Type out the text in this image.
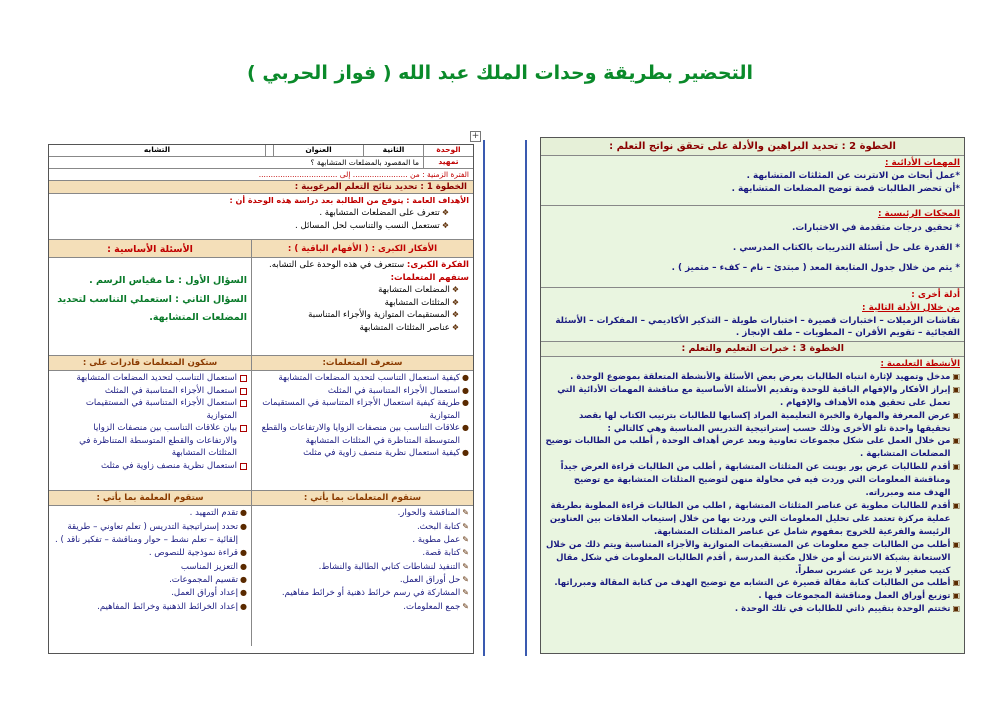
التحضير بطريقة وحدات الملك عبد الله ( فواز الحربي )
+
الوحدة
الثانية
العنوان
التشابه
تمهيد
ما المقصود بالمضلعات المتشابهة ؟
الفترة الزمنية : من ....................... إلى .................................
الخطوة 1 : تحديد نتائج التعلم المرغوبية :
الأهداف العامة : يتوقع من الطالبة بعد دراسة هذه الوحدة أن :
❖
تتعرف على المضلعات المتشابهة .
❖
تستعمل النسب والتناسب لحل المسائل .
الأفكار الكبرى : ( الأفهام الباقية ) :
الأسئلة الأساسية :
الفكرة الكبرى: ستتعرف في هذه الوحدة على التشابه.
ستفهم المتعلمات:
❖
المضلعات المتشابهة
❖
المثلثات المتشابهة
❖
المستقيمات المتوازية والأجزاء المتناسبة
❖
عناصر المثلثات المتشابهة
السؤال الأول : ما مقياس الرسم .
السؤال الثاني : استعملي التناسب لتحديد المضلعات المتشابهة.
ستعرف المتعلمات:
ستكون المتعلمات قادرات على :
●
كيفية استعمال التناسب لتحديد المضلعات المتشابهة
●
استعمال الأجزاء المتناسبة في المثلث
●
طريقة كيفية استعمال الأجزاء المتناسبة في المستقيمات المتوازية
●
علاقات التناسب بين منصفات الزوايا والارتفاعات والقطع المتوسطة المتناظرة في المثلثات المتشابهة
●
كيفية استعمال نظرية منصف زاوية في مثلث
استعمال التناسب لتحديد المضلعات المتشابهة
استعمال الأجزاء المتناسبة في المثلث
استعمال الأجزاء المتناسبة في المستقيمات المتوازية
بيان علاقات التناسب بين منصفات الزوايا والارتفاعات والقطع المتوسطة المتناظرة في المثلثات المتشابهة
استعمال نظرية منصف زاوية في مثلث
ستقوم المتعلمات بما يأتي :
ستقوم المعلمة بما يأتي :
✎
المناقشة والحوار.
✎
كتابة البحث.
✎
عمل مطوية .
✎
كتابة قصة.
✎
التنفيذ لنشاطات كتابي الطالبة والنشاط.
✎
حل أوراق العمل.
✎
المشاركة في رسم خرائط ذهنية أو خرائط مفاهيم.
✎
جمع المعلومات.
●
تقدم التمهيد .
●
تحدد إستراتيجية التدريس ( تعلم تعاوني – طريقة إلقائية – تعلم نشط – حوار ومناقشة – تفكير ناقد ) .
●
قراءة نموذجية للنصوص .
●
التعزيز المناسب
●
تقسيم المجموعات.
●
إعداد أوراق العمل.
●
إعداد الخرائط الذهنية وخرائط المفاهيم.
الخطوة 2 : تحديد البراهين والأدلة على تحقق نواتج التعلم :
المهمات الأدائية :
*عمل أبحاث من الانترنت عن المثلثات المتشابهة .
*أن تحضر الطالبات قصة توضح المضلعات المتشابهة .
المحكات الرئيسية :
* تحقيق درجات متقدمة في الاختبارات.
* القدرة على حل أسئلة التدريبات بالكتاب المدرسي .
* يتم من خلال جدول المتابعة المعد ( مبتدئ – نام – كفء – متميز ) .
أدلة أخرى :
من خلال الأدلة التالية :
نقاشات الزميلات – اختبارات قصيرة – اختبارات طويلة – التذكير الأكاديمي – المفكرات – الأسئلة الفجائية – تقويم الأقران – المطويات – ملف الإنجاز .
الخطوة 3 : خبرات التعليم والتعلم :
الأنشطة التعليمية :
▣
مدخل وتمهيد لإثارة انتباه الطالبات بعرض بعض الأسئلة والأنشطة المتعلقة بموضوع الوحدة .
▣
إبراز الأفكار والإفهام الباقية للوحدة وتقديم الأسئلة الأساسية مع مناقشة المهمات الأدائية التي تعمل على تحقيق هذه الأهداف والإفهام .
▣
عرض المعرفة والمهارة والخبرة التعليمية المراد إكسابها للطالبات بترتيب الكتاب لها بقصد تحقيقها واحدة تلو الأخرى وذلك حسب إستراتيجية التدريس المناسبة وهي كالتالي :
▣
من خلال العمل على شكل مجموعات تعاونية وبعد عرض أهداف الوحدة , أطلب من الطالبات توضيح المضلعات المتشابهة .
▣
أقدم للطالبات عرض بور بوينت عن المثلثات المتشابهة , أطلب من الطالبات قراءة العرض جيداً ومناقشة المعلومات التي وردت فيه في محاولة منهن لتوضيح المثلثات المتشابهة مع توضيح الهدف منه ومبرراته.
▣
أقدم للطالبات مطوية عن عناصر المثلثات المتشابهة , اطلب من الطالبات قراءة المطوية بطريقة عملية مركزة تعتمد على تحليل المعلومات التي وردت بها من خلال إستيعاب العلاقات بين العناوين الرئيسة والفرعية للخروج بمفهوم شامل عن عناصر المثلثات المتشابهة.
▣
أطلب من الطالبات جمع معلومات عن المستقيمات المتوازية والأجزاء المتناسبة ويتم ذلك من خلال الاستعانة بشبكة الانترنت أو من خلال مكتبة المدرسة , أقدم الطالبات المعلومات في شكل مقال كتيب صغير لا يزيد عن عشرين سطراً.
▣
أطلب من الطالبات كتابة مقالة قصيرة عن التشابه مع توضيح الهدف من كتابة المقالة ومبرراتها.
▣
توزيع أوراق العمل ومناقشة المجموعات فيها .
▣
تختتم الوحدة بتقييم ذاتي للطالبات في تلك الوحدة .
